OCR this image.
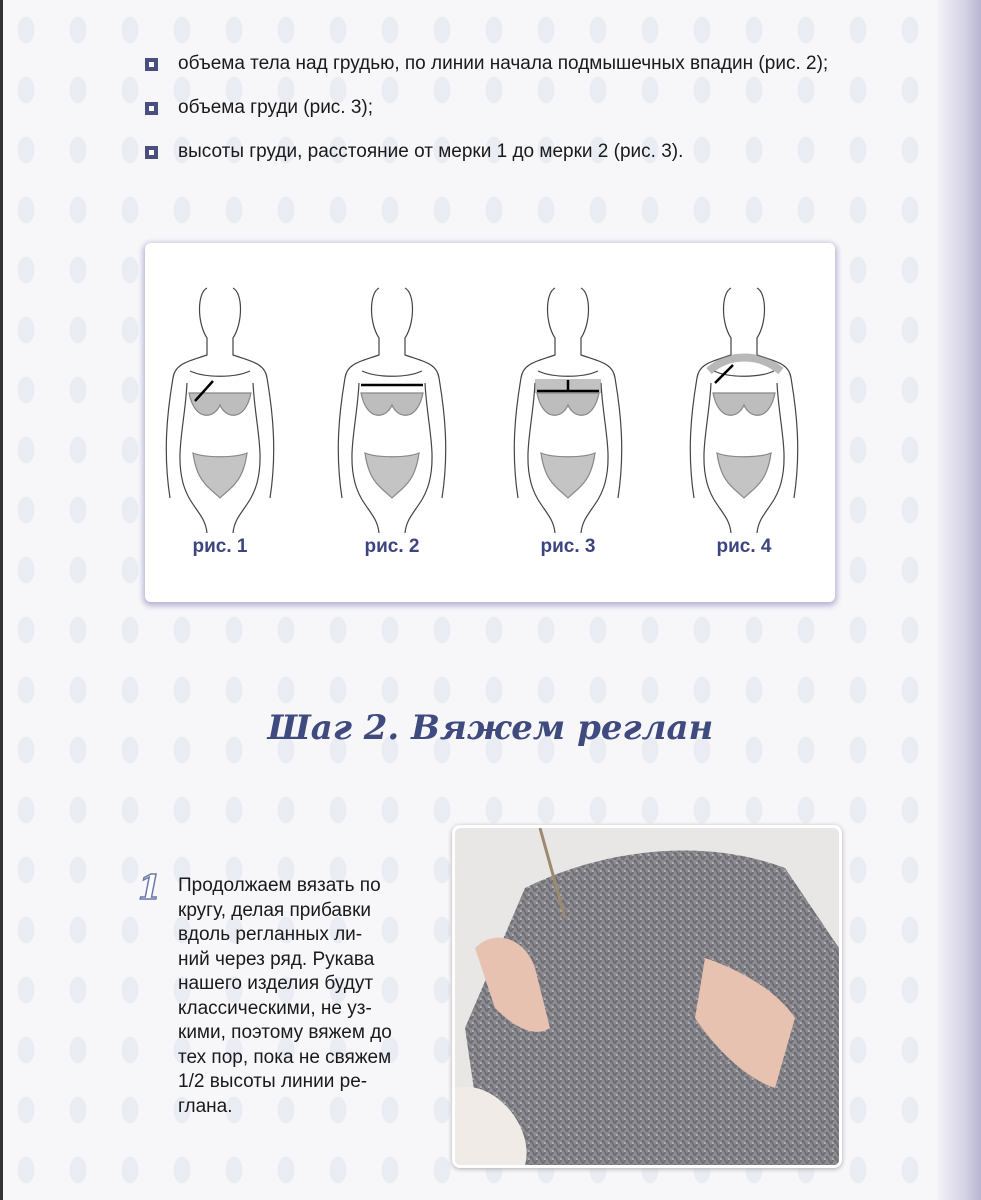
объема тела над грудью, по линии начала подмышечных впадин (рис. 2);
объема груди (рис. 3);
высоты груди, расстояние от мерки 1 до мерки 2 (рис. 3).
рис. 1	рис. 2	рис. 3	рис. 4
Шаг 2. Вяжем реглан
1 Продолжаем вязать по
кругу, делая прибавки
вдоль регланных ли-
ний через ряд. Рукава
нашего изделия будут
классическими, не уз-
кими, поэтому вяжем до
тех пор, пока не свяжем
1/2 высоты линии ре-
глана.
